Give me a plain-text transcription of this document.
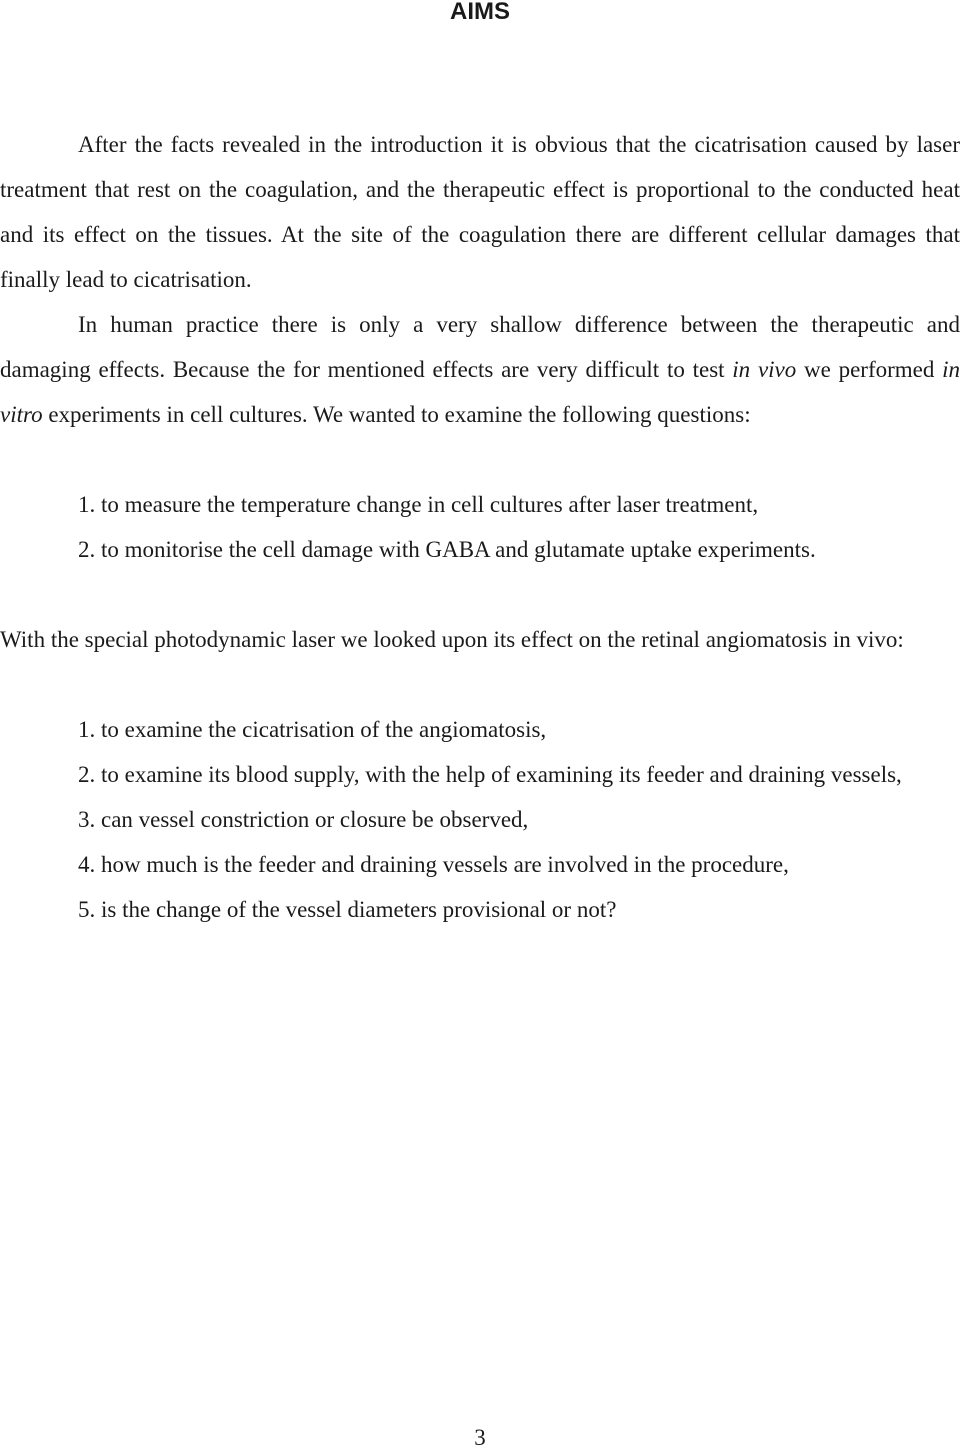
AIMS

After the facts revealed in the introduction it is obvious that the cicatrisation caused by laser treatment that rest on the coagulation, and the therapeutic effect is proportional to the conducted heat and its effect on the tissues. At the site of the coagulation there are different cellular damages that finally lead to cicatrisation.

In human practice there is only a very shallow difference between the therapeutic and damaging effects. Because the for mentioned effects are very difficult to test in vivo we performed in vitro experiments in cell cultures. We wanted to examine the following questions:

1. to measure the temperature change in cell cultures after laser treatment,
2. to monitorise the cell damage with GABA and glutamate uptake experiments.

With the special photodynamic laser we looked upon its effect on the retinal angiomatosis in vivo:

1. to examine the cicatrisation of the angiomatosis,
2. to examine its blood supply, with the help of examining its feeder and draining vessels,
3. can vessel constriction or closure be observed,
4. how much is the feeder and draining vessels are involved in the procedure,
5. is the change of the vessel diameters provisional or not?
3
